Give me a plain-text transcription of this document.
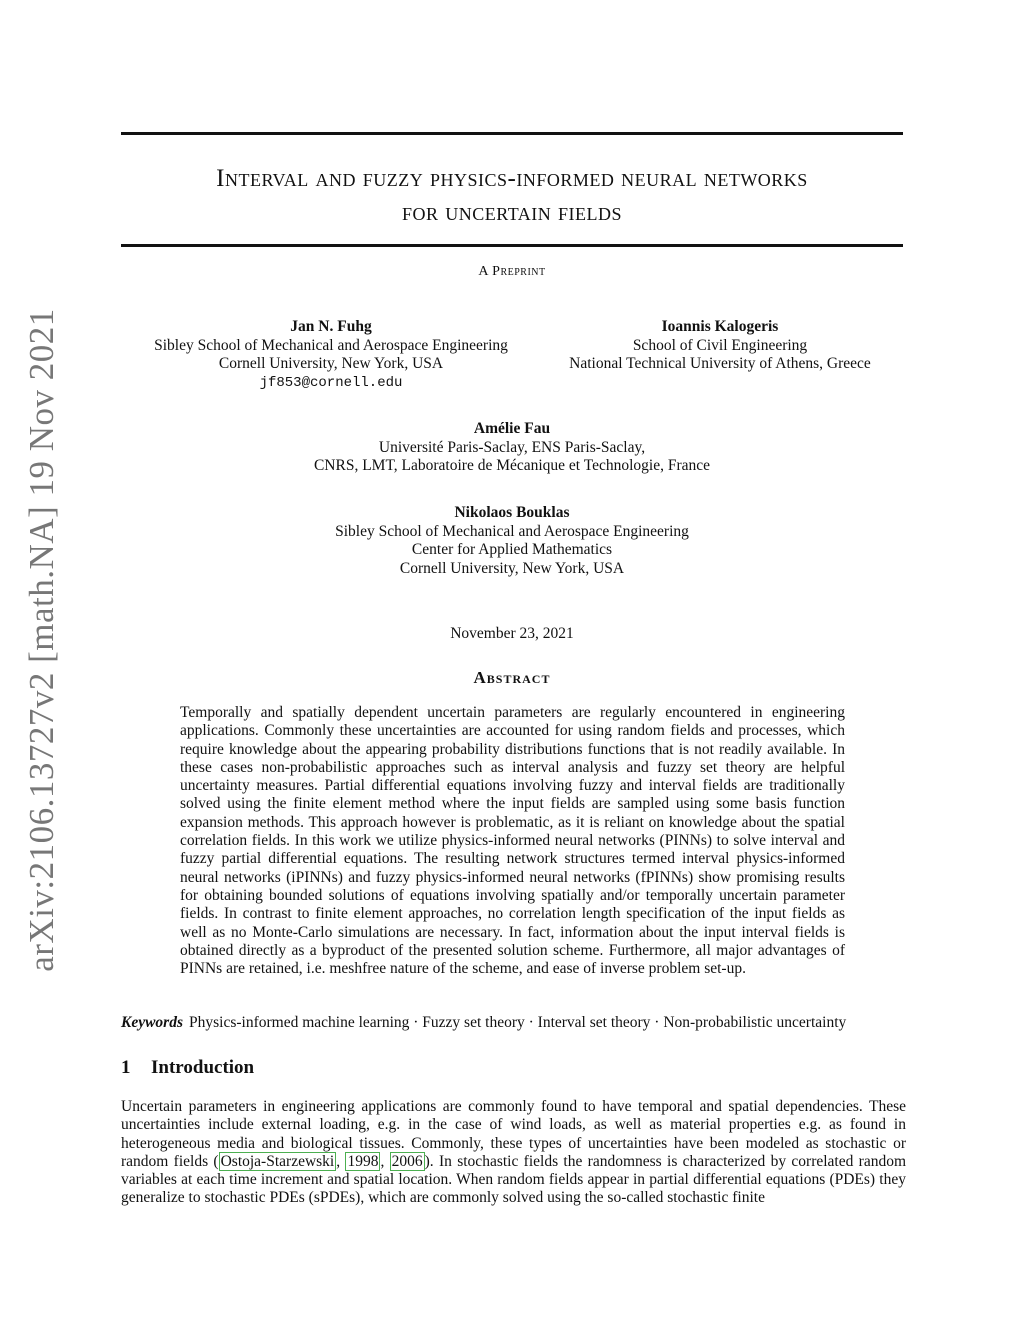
arXiv:2106.13727v2 [math.NA] 19 Nov 2021
Interval and fuzzy physics-informed neural networks
for uncertain fields
A Preprint
Jan N. Fuhg
Sibley School of Mechanical and Aerospace Engineering
Cornell University, New York, USA
jf853@cornell.edu
Ioannis Kalogeris
School of Civil Engineering
National Technical University of Athens, Greece
Amélie Fau
Université Paris-Saclay, ENS Paris-Saclay,
CNRS, LMT, Laboratoire de Mécanique et Technologie, France
Nikolaos Bouklas
Sibley School of Mechanical and Aerospace Engineering
Center for Applied Mathematics
Cornell University, New York, USA
November 23, 2021
Abstract
Temporally and spatially dependent uncertain parameters are regularly encountered in engineering applications. Commonly these uncertainties are accounted for using random fields and processes, which require knowledge about the appearing probability distributions functions that is not readily available. In these cases non-probabilistic approaches such as interval analysis and fuzzy set theory are helpful uncertainty measures. Partial differential equations involving fuzzy and interval fields are traditionally solved using the finite element method where the input fields are sampled using some basis function expansion methods. This approach however is problematic, as it is reliant on knowledge about the spatial correlation fields. In this work we utilize physics-informed neural networks (PINNs) to solve interval and fuzzy partial differential equations. The resulting network structures termed interval physics-informed neural networks (iPINNs) and fuzzy physics-informed neural networks (fPINNs) show promising results for obtaining bounded solutions of equations involving spatially and/or temporally uncertain parameter fields. In contrast to finite element approaches, no correlation length specification of the input fields as well as no Monte-Carlo simulations are necessary. In fact, information about the input interval fields is obtained directly as a byproduct of the presented solution scheme. Furthermore, all major advantages of PINNs are retained, i.e. meshfree nature of the scheme, and ease of inverse problem set-up.
Keywords Physics-informed machine learning · Fuzzy set theory · Interval set theory · Non-probabilistic uncertainty
1 Introduction
Uncertain parameters in engineering applications are commonly found to have temporal and spatial dependencies. These uncertainties include external loading, e.g. in the case of wind loads, as well as material properties e.g. as found in heterogeneous media and biological tissues. Commonly, these types of uncertainties have been modeled as stochastic or random fields ( Ostoja-Starzewski , 1998 , 2006 ). In stochastic fields the randomness is characterized by correlated random variables at each time increment and spatial location. When random fields appear in partial differential equations (PDEs) they generalize to stochastic PDEs (sPDEs), which are commonly solved using the so-called stochastic finite
